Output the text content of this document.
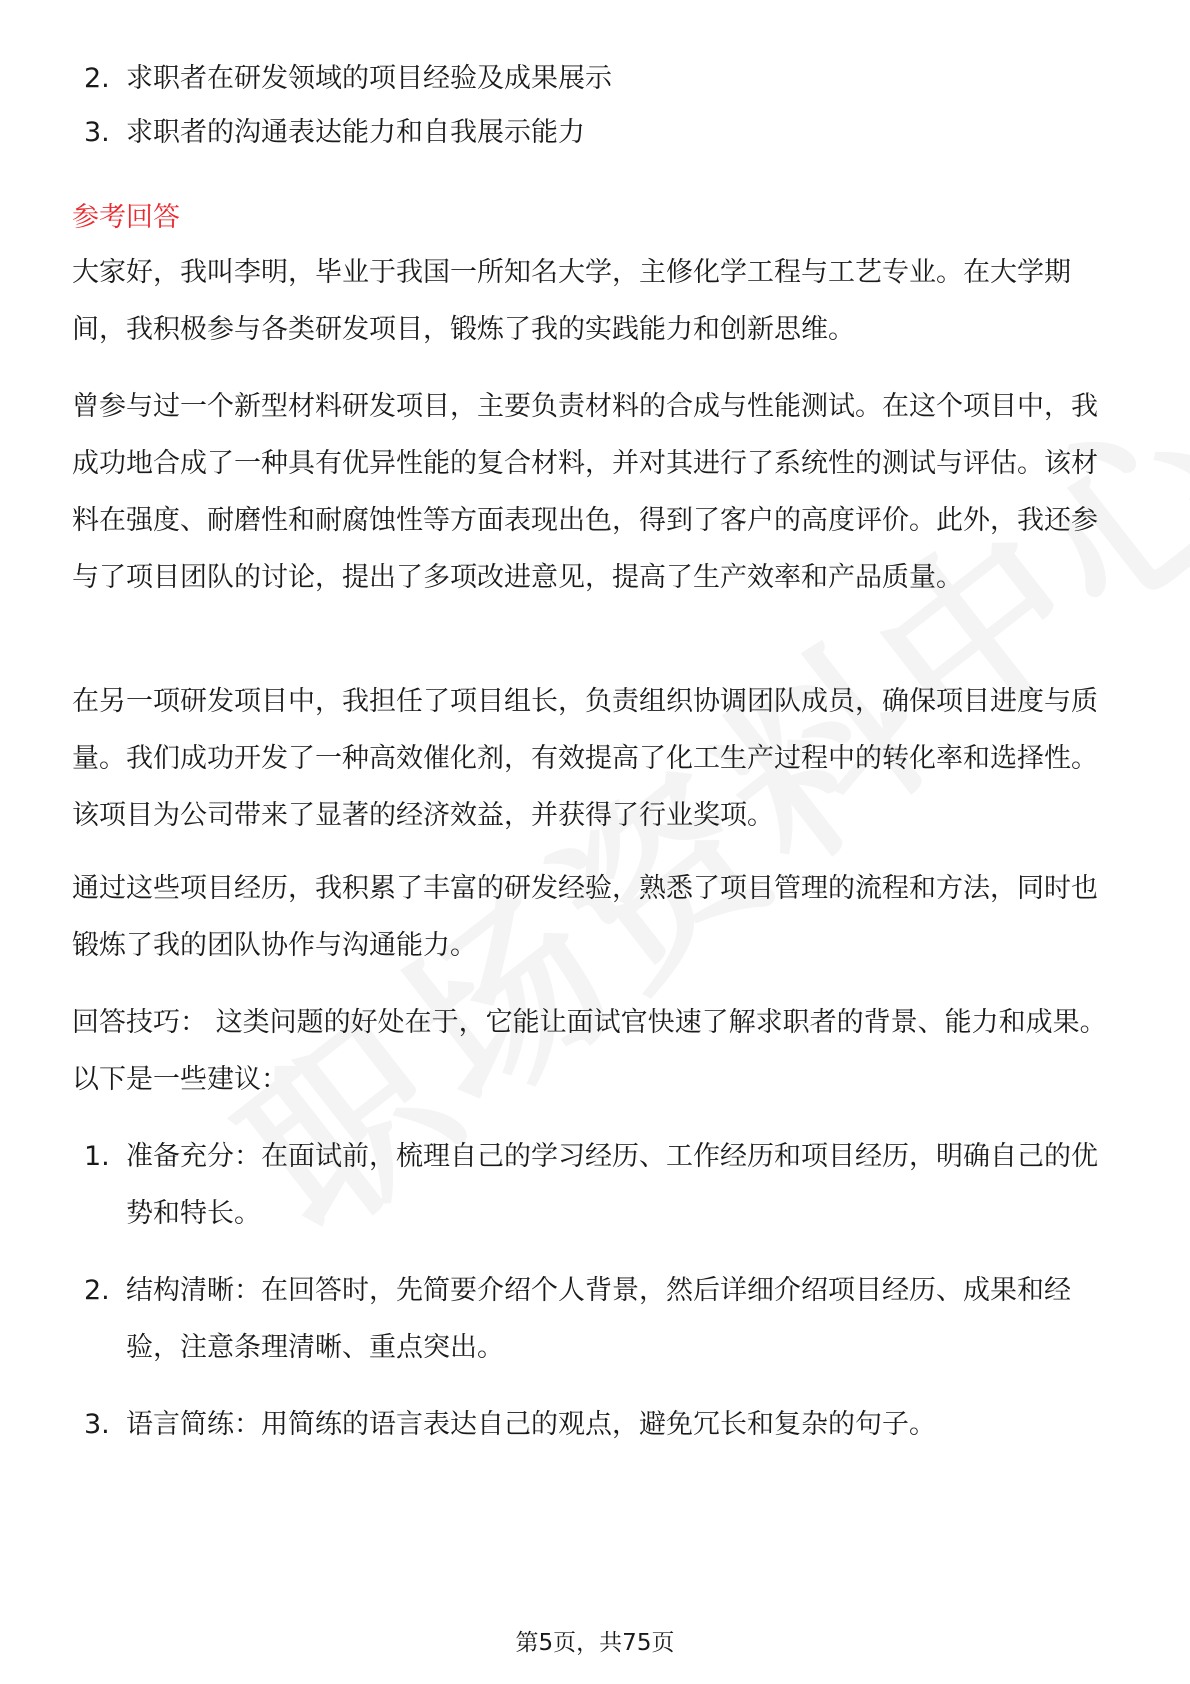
2. 求职者在研发领域的项目经验及成果展示
3. 求职者的沟通表达能力和自我展示能力
参考回答

大家好，我叫李明，毕业于我国一所知名大学，主修化学工程与工艺专业。在大学期间，我积极参与各类研发项目，锻炼了我的实践能力和创新思维。

曾参与过一个新型材料研发项目，主要负责材料的合成与性能测试。在这个项目中，我成功地合成了一种具有优异性能的复合材料，并对其进行了系统性的测试与评估。该材料在强度、耐磨性和耐腐蚀性等方面表现出色，得到了客户的高度评价。此外，我还参与了项目团队的讨论，提出了多项改进意见，提高了生产效率和产品质量。

在另一项研发项目中，我担任了项目组长，负责组织协调团队成员，确保项目进度与质量。我们成功开发了一种高效催化剂，有效提高了化工生产过程中的转化率和选择性。该项目为公司带来了显著的经济效益，并获得了行业奖项。

通过这些项目经历，我积累了丰富的研发经验，熟悉了项目管理的流程和方法，同时也锻炼了我的团队协作与沟通能力。

回答技巧： 这类问题的好处在于，它能让面试官快速了解求职者的背景、能力和成果。以下是一些建议：

1. 准备充分：在面试前，梳理自己的学习经历、工作经历和项目经历，明确自己的优势和特长。
2. 结构清晰：在回答时，先简要介绍个人背景，然后详细介绍项目经历、成果和经验，注意条理清晰、重点突出。
3. 语言简练：用简练的语言表达自己的观点，避免冗长和复杂的句子。
第5页，共75页
